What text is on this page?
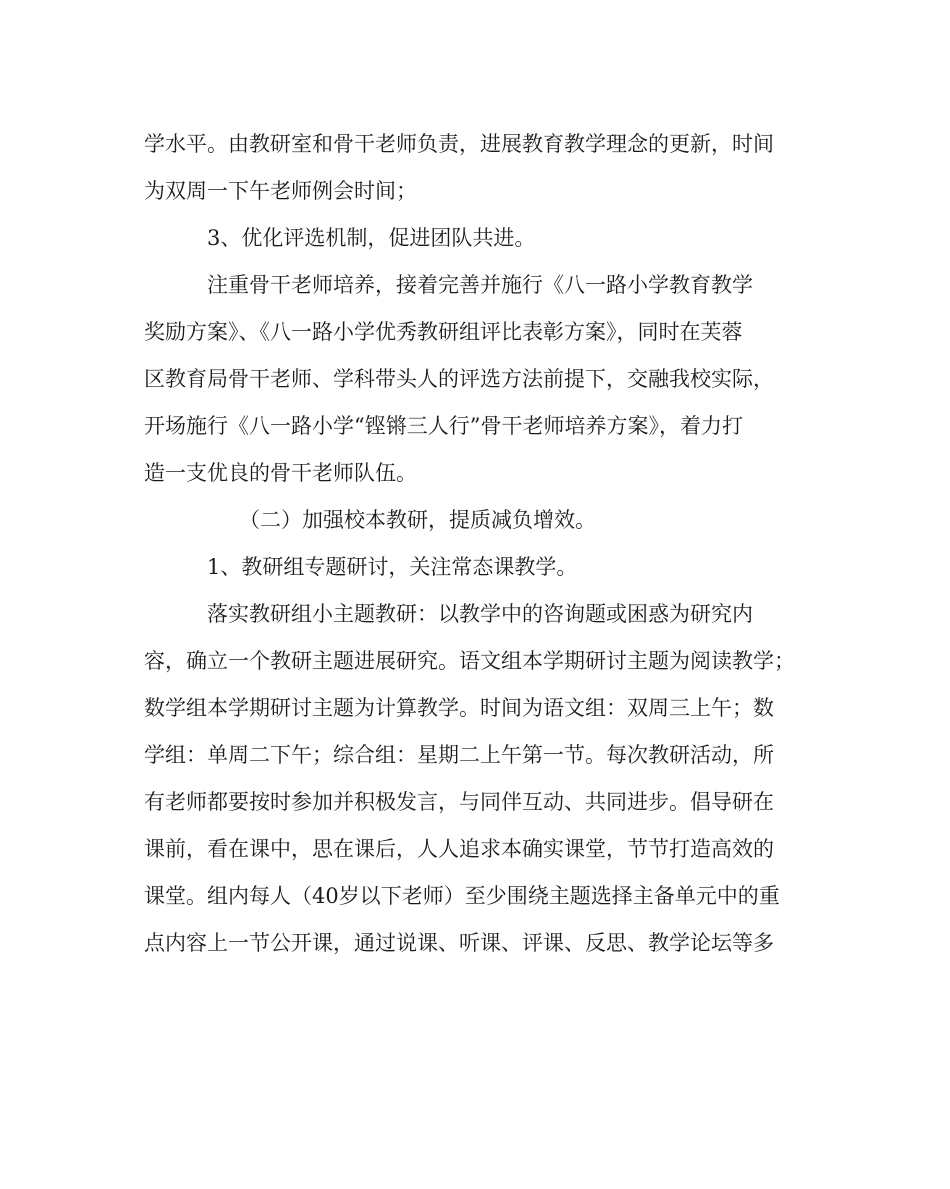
学水平。由教研室和骨干老师负责，进展教育教学理念的更新，时间
为双周一下午老师例会时间；
3、优化评选机制，促进团队共进。
注重骨干老师培养，接着完善并施行《八一路小学教育教学
奖励方案》、《八一路小学优秀教研组评比表彰方案》，同时在芙蓉
区教育局骨干老师、学科带头人的评选方法前提下，交融我校实际，
开场施行《八一路小学“铿锵三人行”骨干老师培养方案》，着力打
造一支优良的骨干老师队伍。
（二）加强校本教研，提质减负增效。
1、教研组专题研讨，关注常态课教学。
落实教研组小主题教研：以教学中的咨询题或困惑为研究内
容，确立一个教研主题进展研究。语文组本学期研讨主题为阅读教学；
数学组本学期研讨主题为计算教学。时间为语文组：双周三上午；数
学组：单周二下午；综合组：星期二上午第一节。每次教研活动，所
有老师都要按时参加并积极发言，与同伴互动、共同进步。倡导研在
课前，看在课中，思在课后，人人追求本确实课堂，节节打造高效的
课堂。组内每人（40岁以下老师）至少围绕主题选择主备单元中的重
点内容上一节公开课，通过说课、听课、评课、反思、教学论坛等多
